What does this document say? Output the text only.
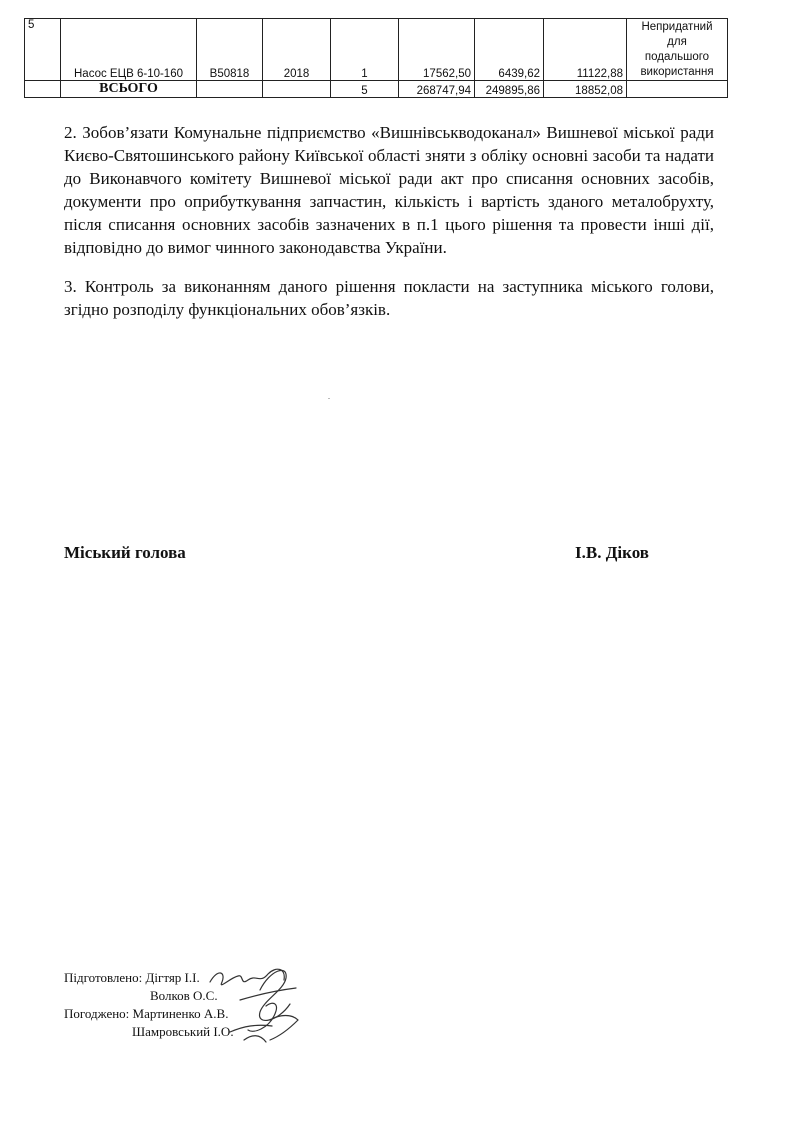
5	Насос ЕЦВ 6-10-160	B50818	2018	1	17562,50	6439,62	11122,88	Непридатний
для
подальшого
використання

	ВСЬОГО			5	268747,94	249895,86	18852,08	

2. Зобов’язати Комунальне підприємство «Вишнівськводоканал» Вишневої міської ради Києво-Святошинського району Київської області зняти з обліку основні засоби та надати до Виконавчого комітету Вишневої міської ради акт про списання основних засобів, документи про оприбуткування запчастин, кількість і вартість зданого металобрухту, після списання основних засобів зазначених в п.1 цього рішення та провести інші дії, відповідно до вимог чинного законодавства України.

3. Контроль за виконанням даного рішення покласти на заступника міського голови, згідно розподілу функціональних обов’язків.

Міський голова	І.В. Діков
Підготовлено: Дігтяр І.І.
Волков О.С.
Погоджено: Мартиненко А.В.
Шамровський І.О.
